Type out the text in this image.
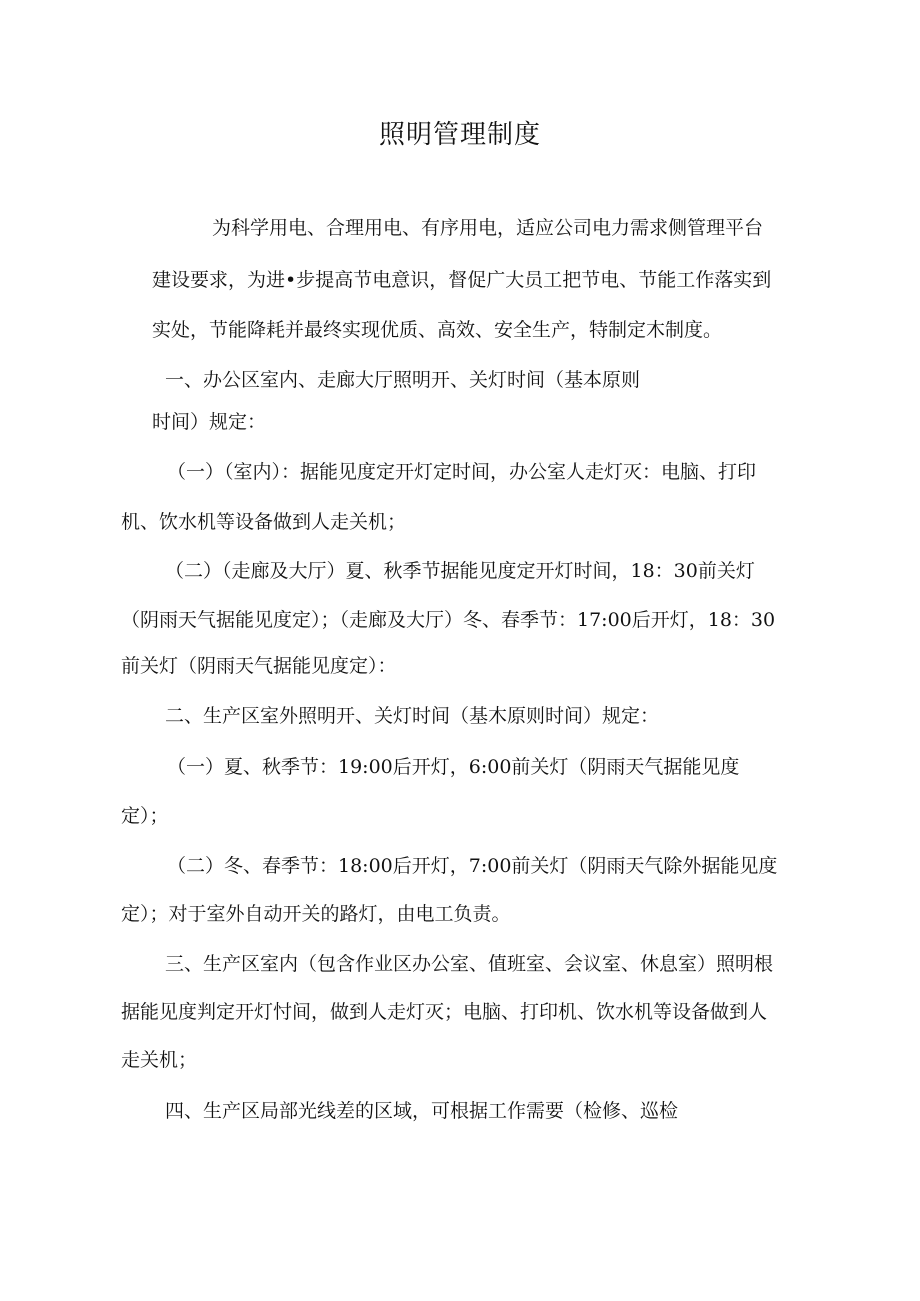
照明管理制度

为科学用电、合理用电、有序用电，适应公司电力需求侧管理平台

建设要求，为进•步提高节电意识，督促广大员工把节电、节能工作落实到

实处，节能降耗并最终实现优质、高效、安全生产，特制定木制度。

一、办公区室内、走廊大厅照明开、关灯时间（基本原则

时间）规定：

（一）（室内）：据能见度定开灯定时间，办公室人走灯灭：电脑、打印

机、饮水机等设备做到人走关机；

（二）（走廊及大厅）夏、秋季节据能见度定开灯时间，18：30前关灯

（阴雨天气据能见度定）；（走廊及大厅）冬、春季节：17:00后开灯，18：30

前关灯（阴雨天气据能见度定）：

二、生产区室外照明开、关灯时间（基木原则时间）规定：

（一）夏、秋季节：19:00后开灯，6:00前关灯（阴雨天气据能见度

定）；

（二）冬、春季节：18:00后开灯，7:00前关灯（阴雨天气除外据能见度

定）；对于室外自动开关的路灯，由电工负责。

三、生产区室内（包含作业区办公室、值班室、会议室、休息室）照明根

据能见度判定开灯忖间，做到人走灯灭；电脑、打印机、饮水机等设备做到人

走关机；

四、生产区局部光线差的区域，可根据工作需要（检修、巡检
